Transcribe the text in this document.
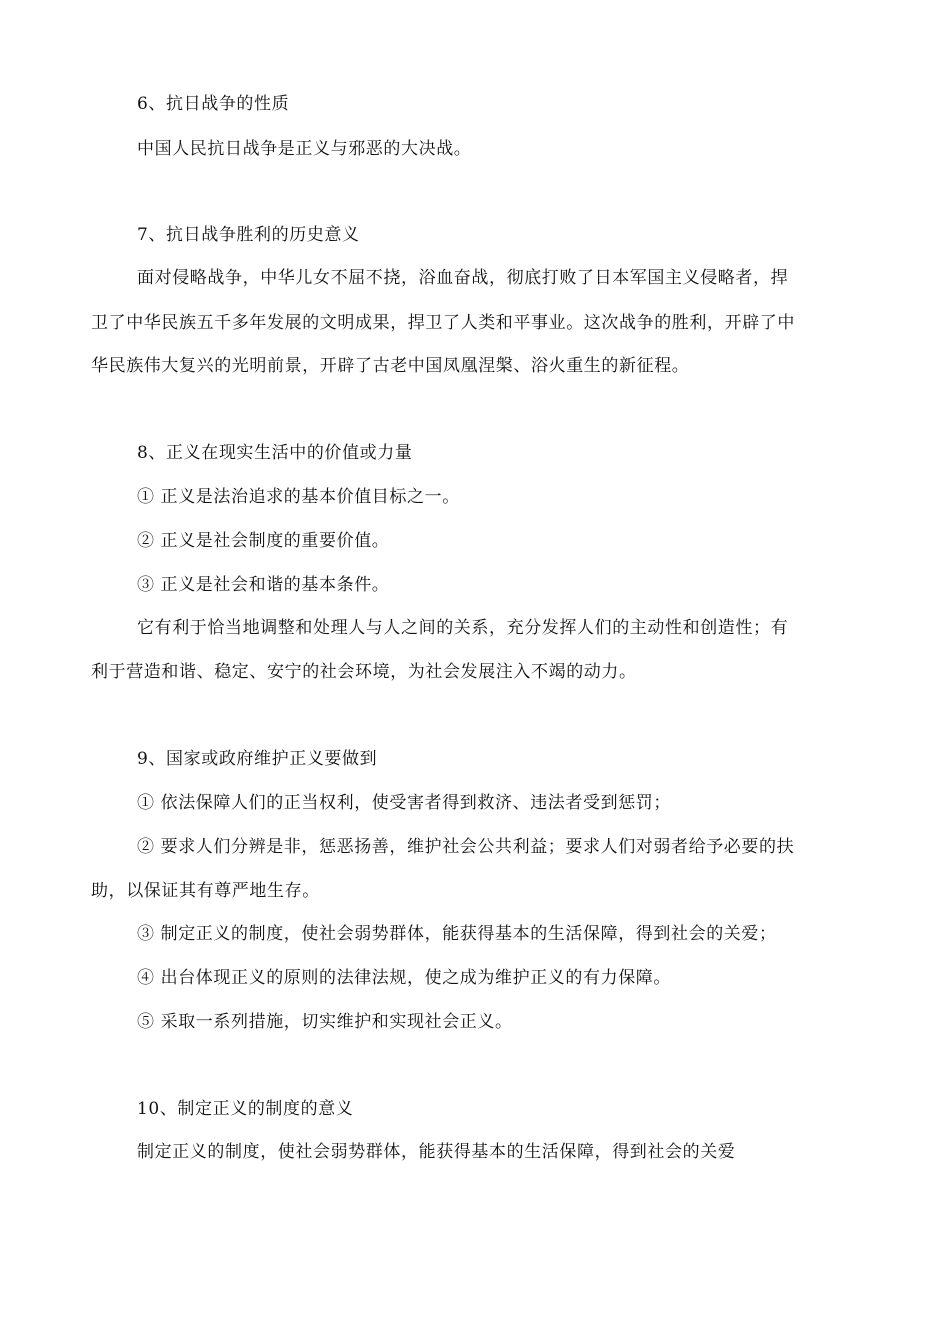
6、抗日战争的性质
中国人民抗日战争是正义与邪恶的大决战。
7、抗日战争胜利的历史意义
面对侵略战争，中华儿女不屈不挠，浴血奋战，彻底打败了日本军国主义侵略者，捍
卫了中华民族五千多年发展的文明成果，捍卫了人类和平事业。这次战争的胜利，开辟了中
华民族伟大复兴的光明前景，开辟了古老中国凤凰涅槃、浴火重生的新征程。
8、正义在现实生活中的价值或力量
① 正义是法治追求的基本价值目标之一。
② 正义是社会制度的重要价值。
③ 正义是社会和谐的基本条件。
它有利于恰当地调整和处理人与人之间的关系，充分发挥人们的主动性和创造性；有
利于营造和谐、稳定、安宁的社会环境，为社会发展注入不竭的动力。
9、国家或政府维护正义要做到
① 依法保障人们的正当权利，使受害者得到救济、违法者受到惩罚；
② 要求人们分辨是非，惩恶扬善，维护社会公共利益；要求人们对弱者给予必要的扶
助，以保证其有尊严地生存。
③ 制定正义的制度，使社会弱势群体，能获得基本的生活保障，得到社会的关爱；
④ 出台体现正义的原则的法律法规，使之成为维护正义的有力保障。
⑤ 采取一系列措施，切实维护和实现社会正义。
10、制定正义的制度的意义
制定正义的制度，使社会弱势群体，能获得基本的生活保障，得到社会的关爱
